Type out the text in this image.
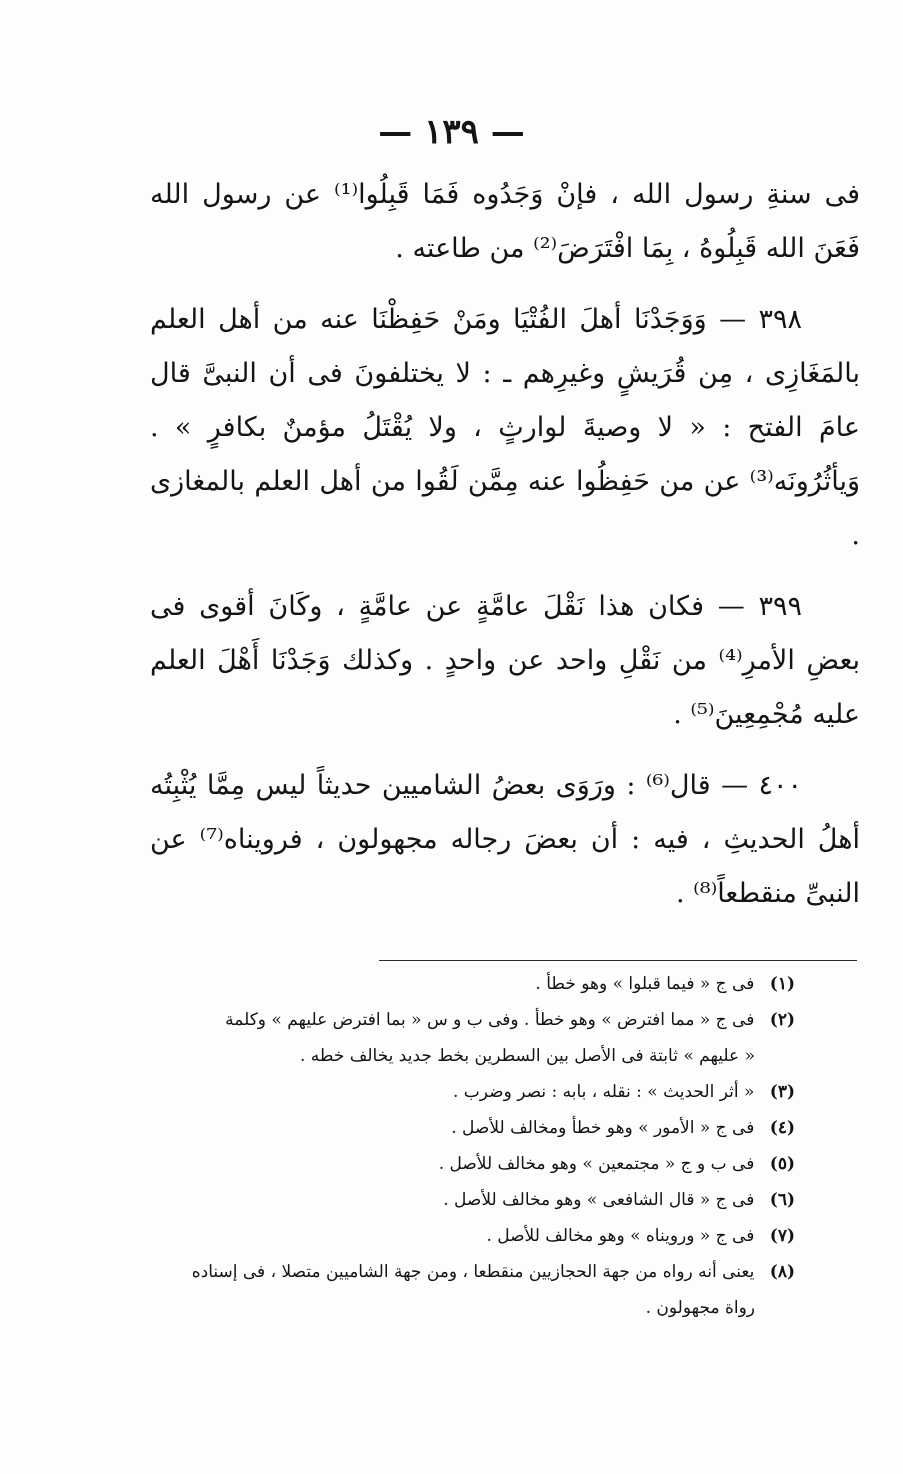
— ١٣٩ —

فى سنةِ رسول الله ، فإنْ وَجَدُوه فَمَا قَبِلُوا⁽¹⁾ عن رسول الله فَعَنَ الله قَبِلُوهُ ، بِمَا افْتَرَضَ⁽²⁾ من طاعته .

٣٩٨ — وَوَجَدْنَا أهلَ الفُتْيَا ومَنْ حَفِظْنَا عنه من أهل العلم بالمَغَازِى ، مِن قُرَيشٍ وغيرِهم ـ : لا يختلفونَ فى أن النبىَّ قال عامَ الفتح : « لا وصيةَ لوارثٍ ، ولا يُقْتَلُ مؤمنٌ بكافرٍ » . وَيأثُرُونَه⁽³⁾ عن من حَفِظُوا عنه مِمَّن لَقُوا من أهل العلم بالمغازى .

٣٩٩ — فكان هذا نَقْلَ عامَّةٍ عن عامَّةٍ ، وكَانَ أقوى فى بعضِ الأمرِ⁽⁴⁾ من نَقْلِ واحد عن واحدٍ . وكذلك وَجَدْنَا أَهْلَ العلم عليه مُجْمِعِينَ⁽⁵⁾ .

٤٠٠ — قال⁽⁶⁾ : ورَوَى بعضُ الشاميين حديثاً ليس مِمَّا يُثْبِتُه أهلُ الحديثِ ، فيه : أن بعضَ رجاله مجهولون ، فرويناه⁽⁷⁾ عن النبىِّ منقطعاً⁽⁸⁾ .

(١) فى ج « فيما قبلوا » وهو خطأ .
(٢) فى ج « مما افترض » وهو خطأ . وفى ب و س « بما افترض عليهم » وكلمة
« عليهم » ثابتة فى الأصل بين السطرين بخط جديد يخالف خطه .
(٣) « أثر الحديث » : نقله ، بابه : نصر وضرب .
(٤) فى ج « الأمور » وهو خطأ ومخالف للأصل .
(٥) فى ب و ج « مجتمعين » وهو مخالف للأصل .
(٦) فى ج « قال الشافعى » وهو مخالف للأصل .
(٧) فى ج « ورويناه » وهو مخالف للأصل .
(٨) يعنى أنه رواه من جهة الحجازيين منقطعا ، ومن جهة الشاميين متصلا ، فى إسناده
رواة مجهولون .
